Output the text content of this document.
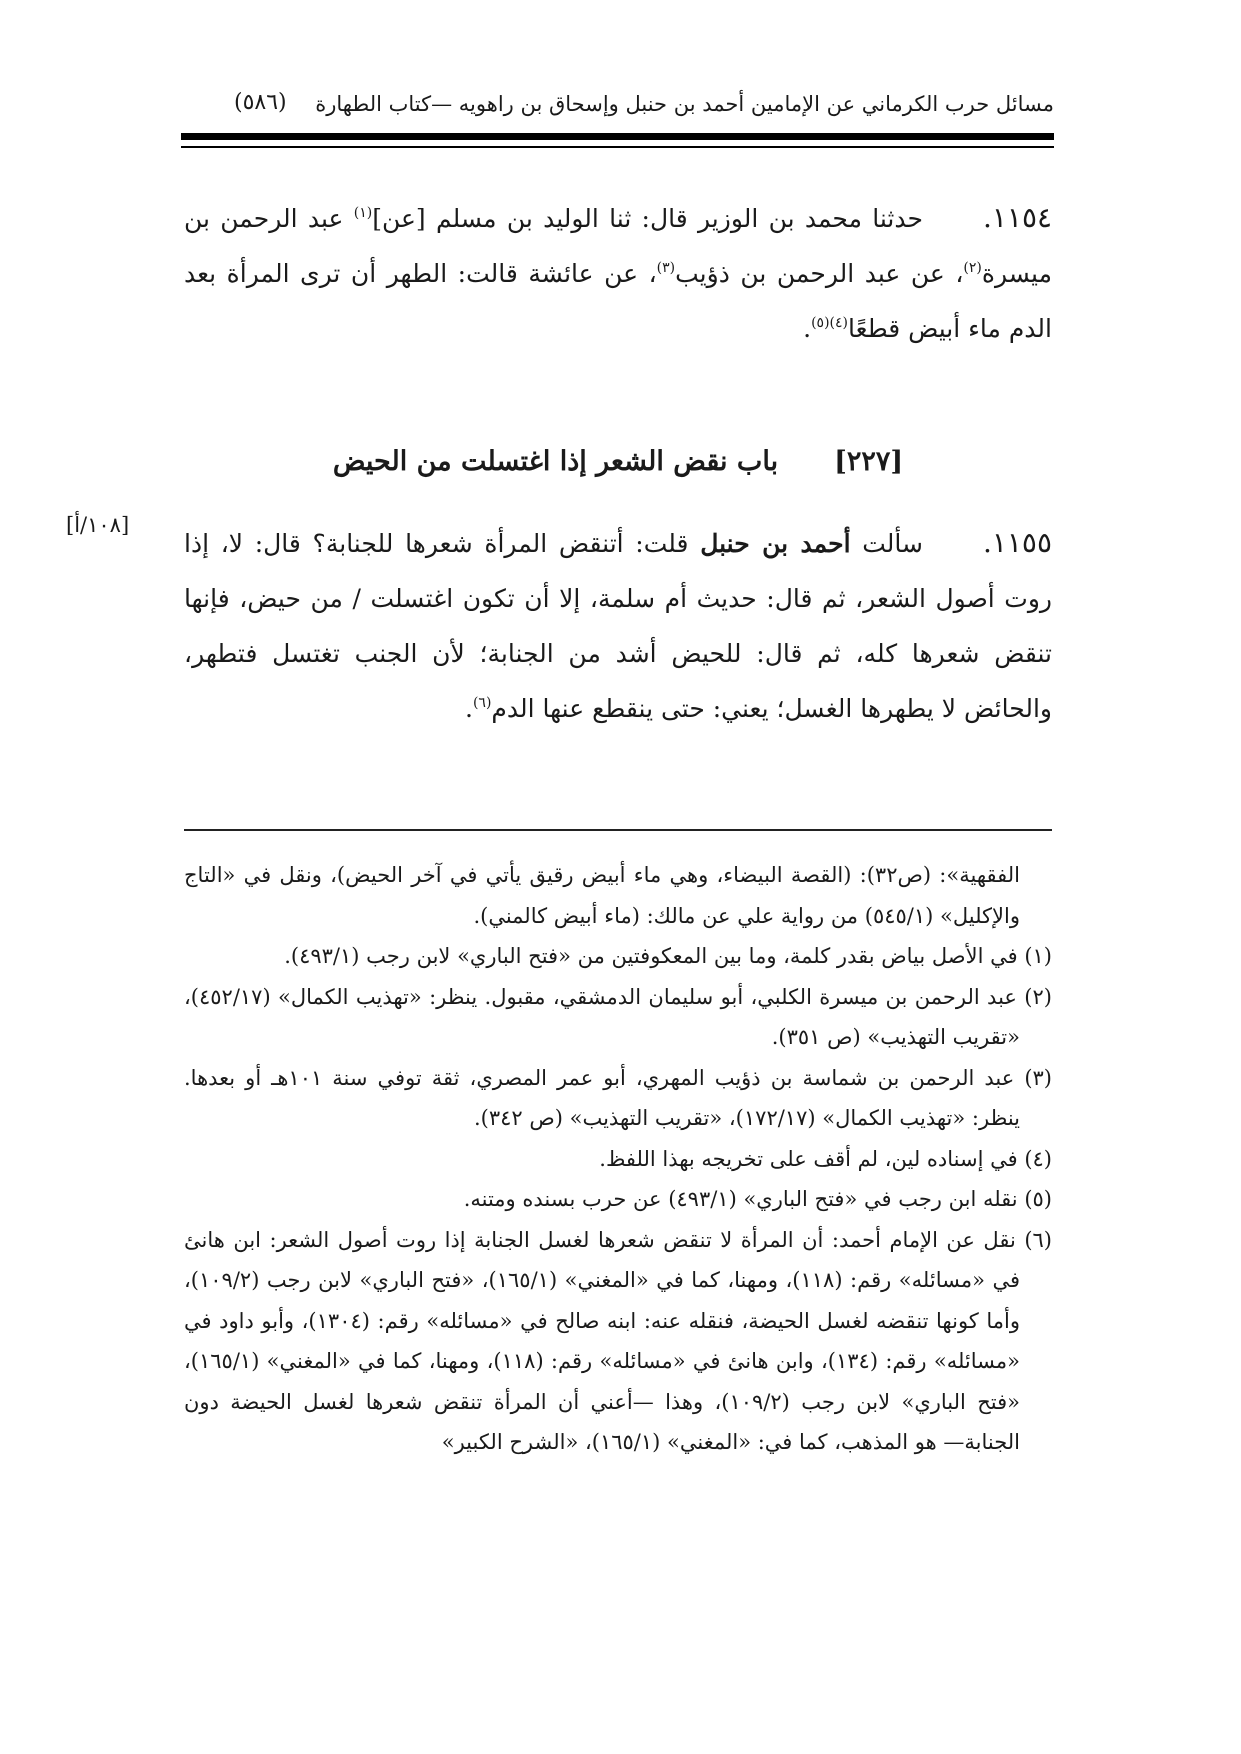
مسائل حرب الكرماني عن الإمامين أحمد بن حنبل وإسحاق بن راهويه —كتاب الطهارة
(٥٨٦)
١١٥٤.حدثنا محمد بن الوزير قال: ثنا الوليد بن مسلم [عن]$^{(١)}$ عبد الرحمن بن ميسرة$^{(٢)}$، عن عبد الرحمن بن ذؤيب$^{(٣)}$، عن عائشة قالت: الطهر أن ترى المرأة بعد الدم ماء أبيض قطعًا$^{(٤)(٥)}$.
[٢٢٧]باب نقض الشعر إذا اغتسلت من الحيض
[١٠٨/أ]
١١٥٥.سألت أحمد بن حنبل قلت: أتنقض المرأة شعرها للجنابة؟ قال: لا، إذا روت أصول الشعر، ثم قال: حديث أم سلمة، إلا أن تكون اغتسلت / من حيض، فإنها تنقض شعرها كله، ثم قال: للحيض أشد من الجنابة؛ لأن الجنب تغتسل فتطهر، والحائض لا يطهرها الغسل؛ يعني: حتى ينقطع عنها الدم$^{(٦)}$.
الفقهية»: (ص٣٢): (القصة البيضاء، وهي ماء أبيض رقيق يأتي في آخر الحيض)، ونقل في «التاج والإكليل» (٥٤٥/١) من رواية علي عن مالك: (ماء أبيض كالمني).
(١) في الأصل بياض بقدر كلمة، وما بين المعكوفتين من «فتح الباري» لابن رجب (٤٩٣/١).
(٢) عبد الرحمن بن ميسرة الكلبي، أبو سليمان الدمشقي، مقبول. ينظر: «تهذيب الكمال» (٤٥٢/١٧)، «تقريب التهذيب» (ص ٣٥١).
(٣) عبد الرحمن بن شماسة بن ذؤيب المهري، أبو عمر المصري، ثقة توفي سنة ١٠١هـ أو بعدها. ينظر: «تهذيب الكمال» (١٧٢/١٧)، «تقريب التهذيب» (ص ٣٤٢).
(٤) في إسناده لين، لم أقف على تخريجه بهذا اللفظ.
(٥) نقله ابن رجب في «فتح الباري» (٤٩٣/١) عن حرب بسنده ومتنه.
(٦) نقل عن الإمام أحمد: أن المرأة لا تنقض شعرها لغسل الجنابة إذا روت أصول الشعر: ابن هانئ في «مسائله» رقم: (١١٨)، ومهنا، كما في «المغني» (١٦٥/١)، «فتح الباري» لابن رجب (١٠٩/٢)، وأما كونها تنقضه لغسل الحيضة، فنقله عنه: ابنه صالح في «مسائله» رقم: (١٣٠٤)، وأبو داود في «مسائله» رقم: (١٣٤)، وابن هانئ في «مسائله» رقم: (١١٨)، ومهنا، كما في «المغني» (١٦٥/١)، «فتح الباري» لابن رجب (١٠٩/٢)، وهذا —أعني أن المرأة تنقض شعرها لغسل الحيضة دون الجنابة— هو المذهب، كما في: «المغني» (١٦٥/١)، «الشرح الكبير»
